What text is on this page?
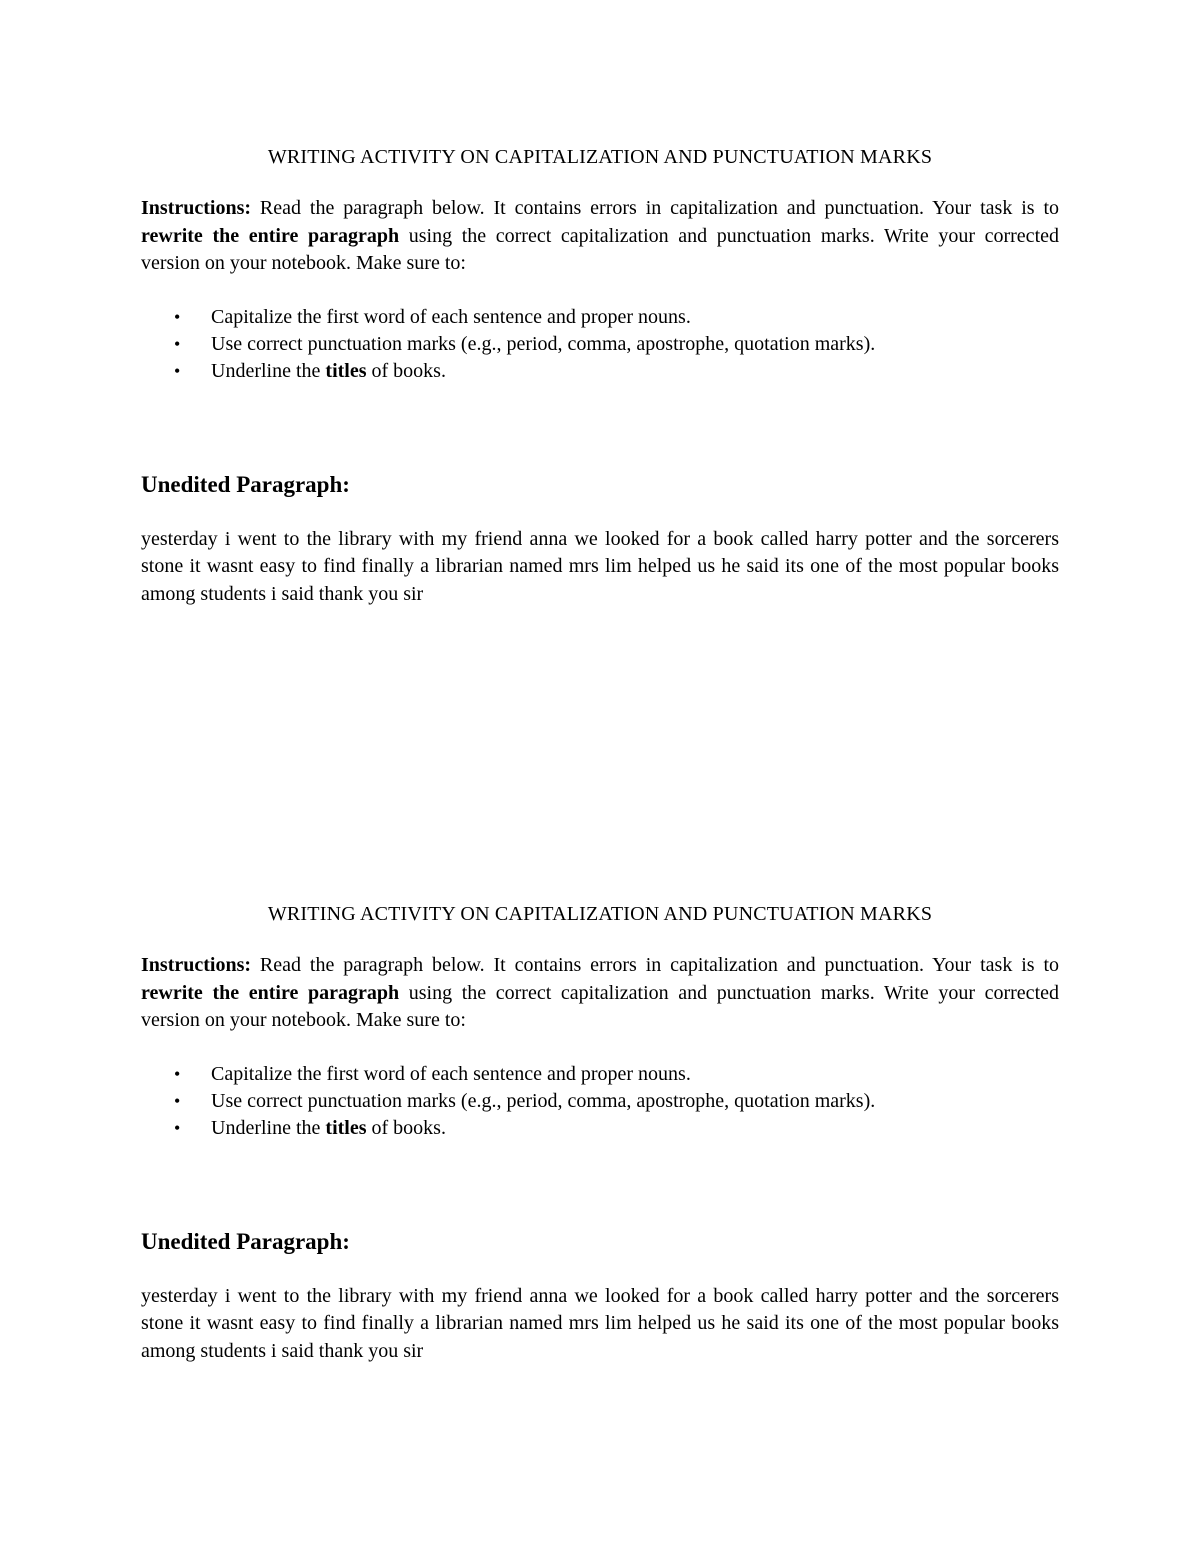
WRITING ACTIVITY ON CAPITALIZATION AND PUNCTUATION MARKS

Instructions: Read the paragraph below. It contains errors in capitalization and punctuation. Your task is to rewrite the entire paragraph using the correct capitalization and punctuation marks. Write your corrected version on your notebook. Make sure to:

• Capitalize the first word of each sentence and proper nouns.
• Use correct punctuation marks (e.g., period, comma, apostrophe, quotation marks).
• Underline the titles of books.
Unedited Paragraph:

yesterday i went to the library with my friend anna we looked for a book called harry potter and the sorcerers stone it wasnt easy to find finally a librarian named mrs lim helped us he said its one of the most popular books among students i said thank you sir

WRITING ACTIVITY ON CAPITALIZATION AND PUNCTUATION MARKS

Instructions: Read the paragraph below. It contains errors in capitalization and punctuation. Your task is to rewrite the entire paragraph using the correct capitalization and punctuation marks. Write your corrected version on your notebook. Make sure to:

• Capitalize the first word of each sentence and proper nouns.
• Use correct punctuation marks (e.g., period, comma, apostrophe, quotation marks).
• Underline the titles of books.
Unedited Paragraph:

yesterday i went to the library with my friend anna we looked for a book called harry potter and the sorcerers stone it wasnt easy to find finally a librarian named mrs lim helped us he said its one of the most popular books among students i said thank you sir
